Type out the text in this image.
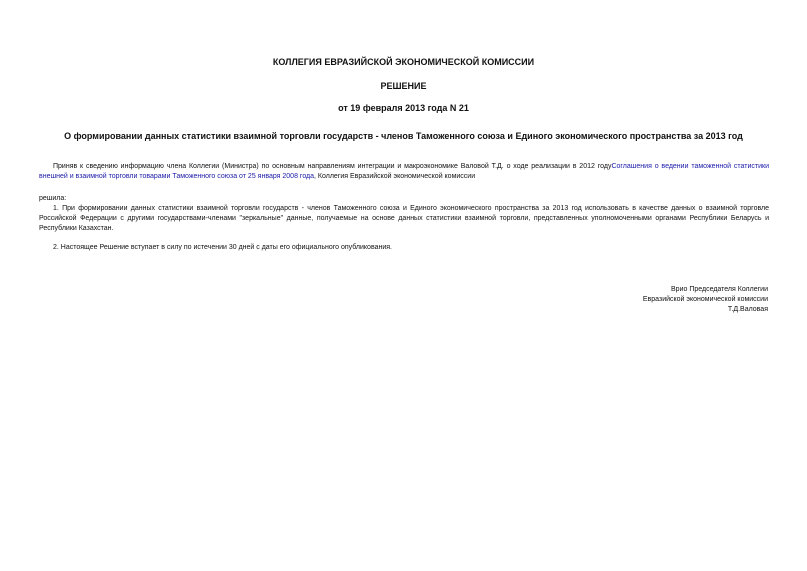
КОЛЛЕГИЯ ЕВРАЗИЙСКОЙ ЭКОНОМИЧЕСКОЙ КОМИССИИ
РЕШЕНИЕ
от 19 февраля 2013 года N 21
О формировании данных статистики взаимной торговли государств - членов Таможенного союза и Единого экономического пространства за 2013 год

Приняв к сведению информацию члена Коллегии (Министра) по основным направлениям интеграции и макроэкономике Валовой Т.Д. о ходе реализации в 2012 годуСоглашения о ведении таможенной статистики внешней и взаимной торговли товарами Таможенного союза от 25 января 2008 года, Коллегия Евразийской экономической комиссии

решила:

1. При формировании данных статистики взаимной торговли государств - членов Таможенного союза и Единого экономического пространства за 2013 год использовать в качестве данных о взаимной торговле Российской Федерации с другими государствами-членами "зеркальные" данные, получаемые на основе данных статистики взаимной торговли, представленных уполномоченными органами Республики Беларусь и Республики Казахстан.

2. Настоящее Решение вступает в силу по истечении 30 дней с даты его официального опубликования.

Врио Председателя Коллегии
Евразийской экономической комиссии
Т.Д.Валовая
